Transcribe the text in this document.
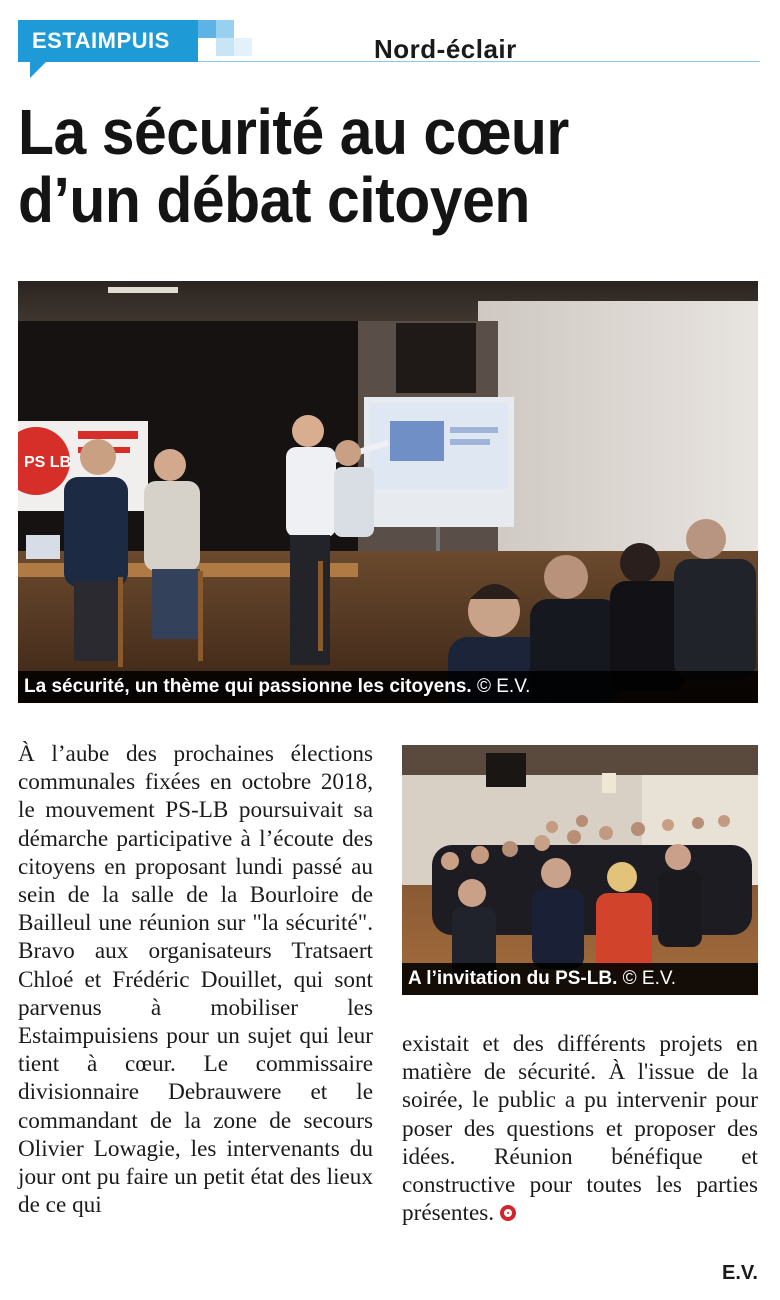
ESTAIMPUIS	Nord-éclair
La sécurité au cœur d’un débat citoyen
PS LB
La sécurité, un thème qui passionne les citoyens. © E.V.

À l’aube des prochaines élections communales fixées en octobre 2018, le mouvement PS-LB poursuivait sa démarche participative à l’écoute des citoyens en proposant lundi passé au sein de la salle de la Bourloire de Bailleul une réunion sur "la sécurité". Bravo aux organisateurs Tratsaert Chloé et Frédéric Douillet, qui sont parvenus à mobiliser les Estaimpuisiens pour un sujet qui leur tient à cœur. Le commissaire divisionnaire Debrauwere et le commandant de la zone de secours Olivier Lowagie, les intervenants du jour ont pu faire un petit état des lieux de ce qui

A l’invitation du PS-LB. © E.V.

existait et des différents projets en matière de sécurité. À l'issue de la soirée, le public a pu intervenir pour poser des questions et proposer des idées. Réunion bénéfique et constructive pour toutes les parties présentes.

E.V.
